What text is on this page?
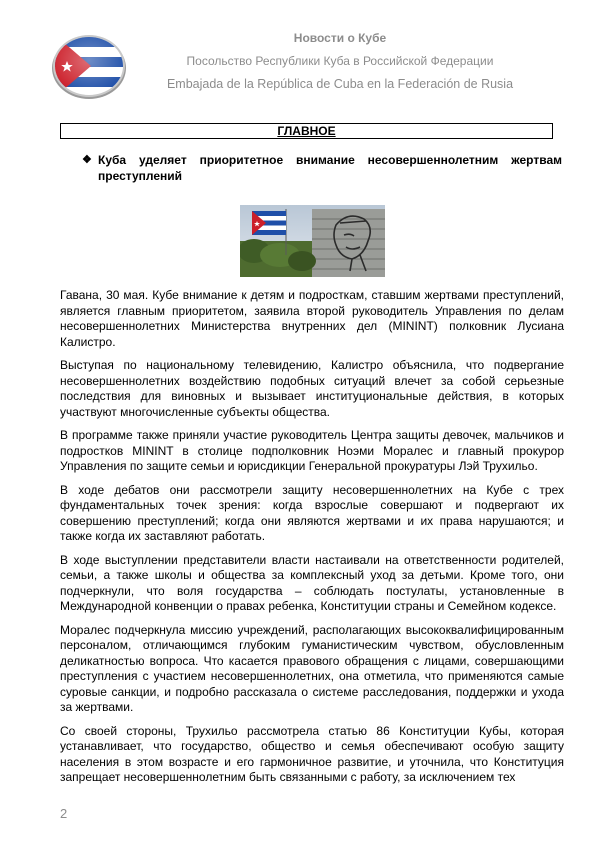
Новости о Кубе
Посольство Республики Куба в Российской Федерации
Embajada de la República de Cuba en la Federación de Rusia
ГЛАВНОЕ
❖ Куба уделяет приоритетное внимание несовершеннолетним жертвам преступлений

Гавана, 30 мая. Кубе внимание к детям и подросткам, ставшим жертвами преступлений, является главным приоритетом, заявила второй руководитель Управления по делам несовершеннолетних Министерства внутренних дел (MININT) полковник Лусиана Калистро.

Выступая по национальному телевидению, Калистро объяснила, что подвергание несовершеннолетних воздействию подобных ситуаций влечет за собой серьезные последствия для виновных и вызывает институциональные действия, в которых участвуют многочисленные субъекты общества.

В программе также приняли участие руководитель Центра защиты девочек, мальчиков и подростков MININT в столице подполковник Ноэми Моралес и главный прокурор Управления по защите семьи и юрисдикции Генеральной прокуратуры Лэй Трухильо.

В ходе дебатов они рассмотрели защиту несовершеннолетних на Кубе с трех фундаментальных точек зрения: когда взрослые совершают и подвергают их совершению преступлений; когда они являются жертвами и их права нарушаются; и также когда их заставляют работать.

В ходе выступлении представители власти настаивали на ответственности родителей, семьи, а также школы и общества за комплексный уход за детьми. Кроме того, они подчеркнули, что воля государства – соблюдать постулаты, установленные в Международной конвенции о правах ребенка, Конституции страны и Семейном кодексе.

Моралес подчеркнула миссию учреждений, располагающих высококвалифицированным персоналом, отличающимся глубоким гуманистическим чувством, обусловленным деликатностью вопроса. Что касается правового обращения с лицами, совершающими преступления с участием несовершеннолетних, она отметила, что применяются самые суровые санкции, и подробно рассказала о системе расследования, поддержки и ухода за жертвами.

Со своей стороны, Трухильо рассмотрела статью 86 Конституции Кубы, которая устанавливает, что государство, общество и семья обеспечивают особую защиту населения в этом возрасте и его гармоничное развитие, и уточнила, что Конституция запрещает несовершеннолетним быть связанными с работу, за исключением тех

2
